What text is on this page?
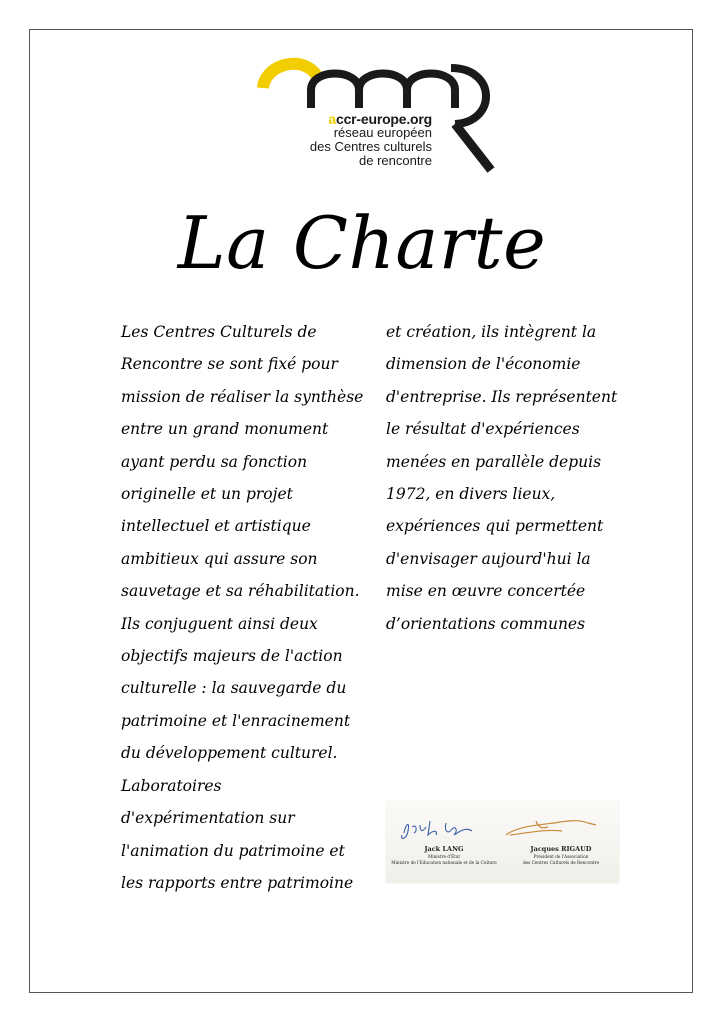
accr-europe.org
réseau européen
des Centres culturels
de rencontre
La Charte
Les Centres Culturels de
Rencontre se sont fixé pour
mission de réaliser la synthèse
entre un grand monument
ayant perdu sa fonction
originelle et un projet
intellectuel et artistique
ambitieux qui assure son
sauvetage et sa réhabilitation.
Ils conjuguent ainsi deux
objectifs majeurs de l'action
culturelle : la sauvegarde du
patrimoine et l'enracinement
du développement culturel.
Laboratoires
d'expérimentation sur
l'animation du patrimoine et
les rapports entre patrimoine
et création, ils intègrent la
dimension de l'économie
d'entreprise. Ils représentent
le résultat d'expériences
menées en parallèle depuis
1972, en divers lieux,
expériences qui permettent
d'envisager aujourd'hui la
mise en œuvre concertée
d’orientations communes
Jack LANG
Ministre d'État
Ministre de l'Éducation nationale et de la Culture
Jacques RIGAUD
Président de l'Association
des Centres Culturels de Rencontre
